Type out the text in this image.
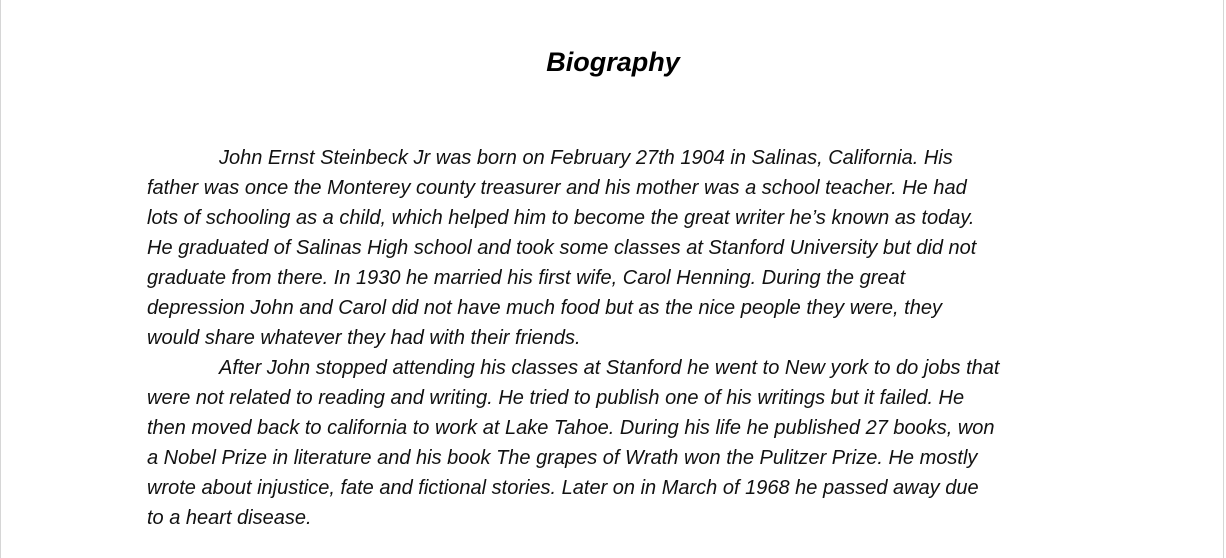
Biography
John Ernst Steinbeck Jr was born on February 27th 1904 in Salinas, California. His
father was once the Monterey county treasurer and his mother was a school teacher. He had
lots of schooling as a child, which helped him to become the great writer he’s known as today.
He graduated of Salinas High school and took some classes at Stanford University but did not
graduate from there. In 1930 he married his first wife, Carol Henning. During the great
depression John and Carol did not have much food but as the nice people they were, they
would share whatever they had with their friends.
After John stopped attending his classes at Stanford he went to New york to do jobs that
were not related to reading and writing. He tried to publish one of his writings but it failed. He
then moved back to california to work at Lake Tahoe. During his life he published 27 books, won
a Nobel Prize in literature and his book The grapes of Wrath won the Pulitzer Prize. He mostly
wrote about injustice, fate and fictional stories. Later on in March of 1968 he passed away due
to a heart disease.
